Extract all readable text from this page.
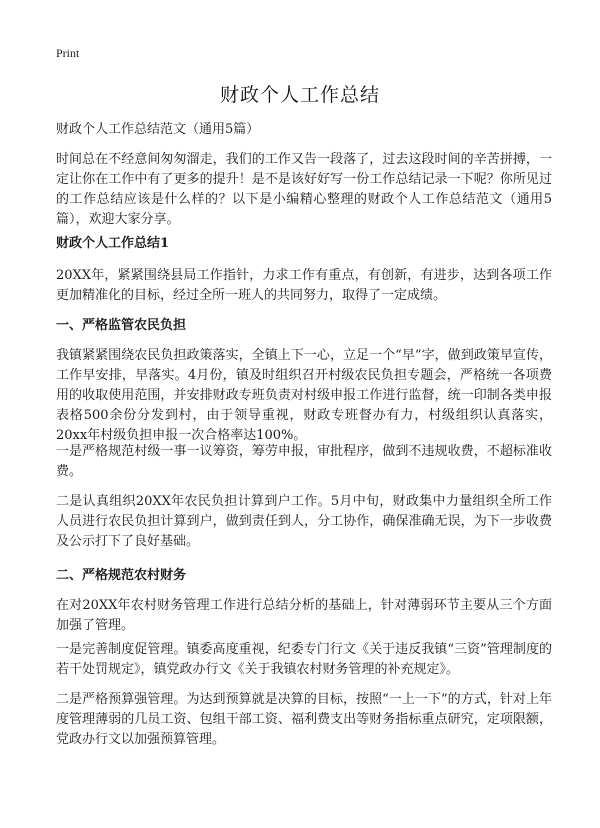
Print
财政个人工作总结

财政个人工作总结范文（通用5篇）

时间总在不经意间匆匆溜走，我们的工作又告一段落了，过去这段时间的辛苦拼搏，一定让你在工作中有了更多的提升！是不是该好好写一份工作总结记录一下呢？你所见过的工作总结应该是什么样的？以下是小编精心整理的财政个人工作总结范文（通用5篇），欢迎大家分享。

财政个人工作总结1

20XX年，紧紧围绕县局工作指针，力求工作有重点，有创新，有进步，达到各项工作更加精准化的目标，经过全所一班人的共同努力，取得了一定成绩。

一、严格监管农民负担

我镇紧紧围绕农民负担政策落实，全镇上下一心，立足一个“早”字，做到政策早宣传，工作早安排，早落实。4月份，镇及时组织召开村级农民负担专题会，严格统一各项费用的收取使用范围，并安排财政专班负责对村级申报工作进行监督，统一印制各类申报表格500余份分发到村，由于领导重视，财政专班督办有力，村级组织认真落实，20xx年村级负担申报一次合格率达100%。

一是严格规范村级一事一议筹资，筹劳申报，审批程序，做到不违规收费，不超标准收费。

二是认真组织20XX年农民负担计算到户工作。5月中旬，财政集中力量组织全所工作人员进行农民负担计算到户，做到责任到人，分工协作，确保准确无误，为下一步收费及公示打下了良好基础。

二、严格规范农村财务

在对20XX年农村财务管理工作进行总结分析的基础上，针对薄弱环节主要从三个方面加强了管理。

一是完善制度促管理。镇委高度重视，纪委专门行文《关于违反我镇“三资”管理制度的若干处罚规定》，镇党政办行文《关于我镇农村财务管理的补充规定》。

二是严格预算强管理。为达到预算就是决算的目标，按照“一上一下”的方式，针对上年度管理薄弱的几员工资、包组干部工资、福利费支出等财务指标重点研究，定项限额，党政办行文以加强预算管理。
